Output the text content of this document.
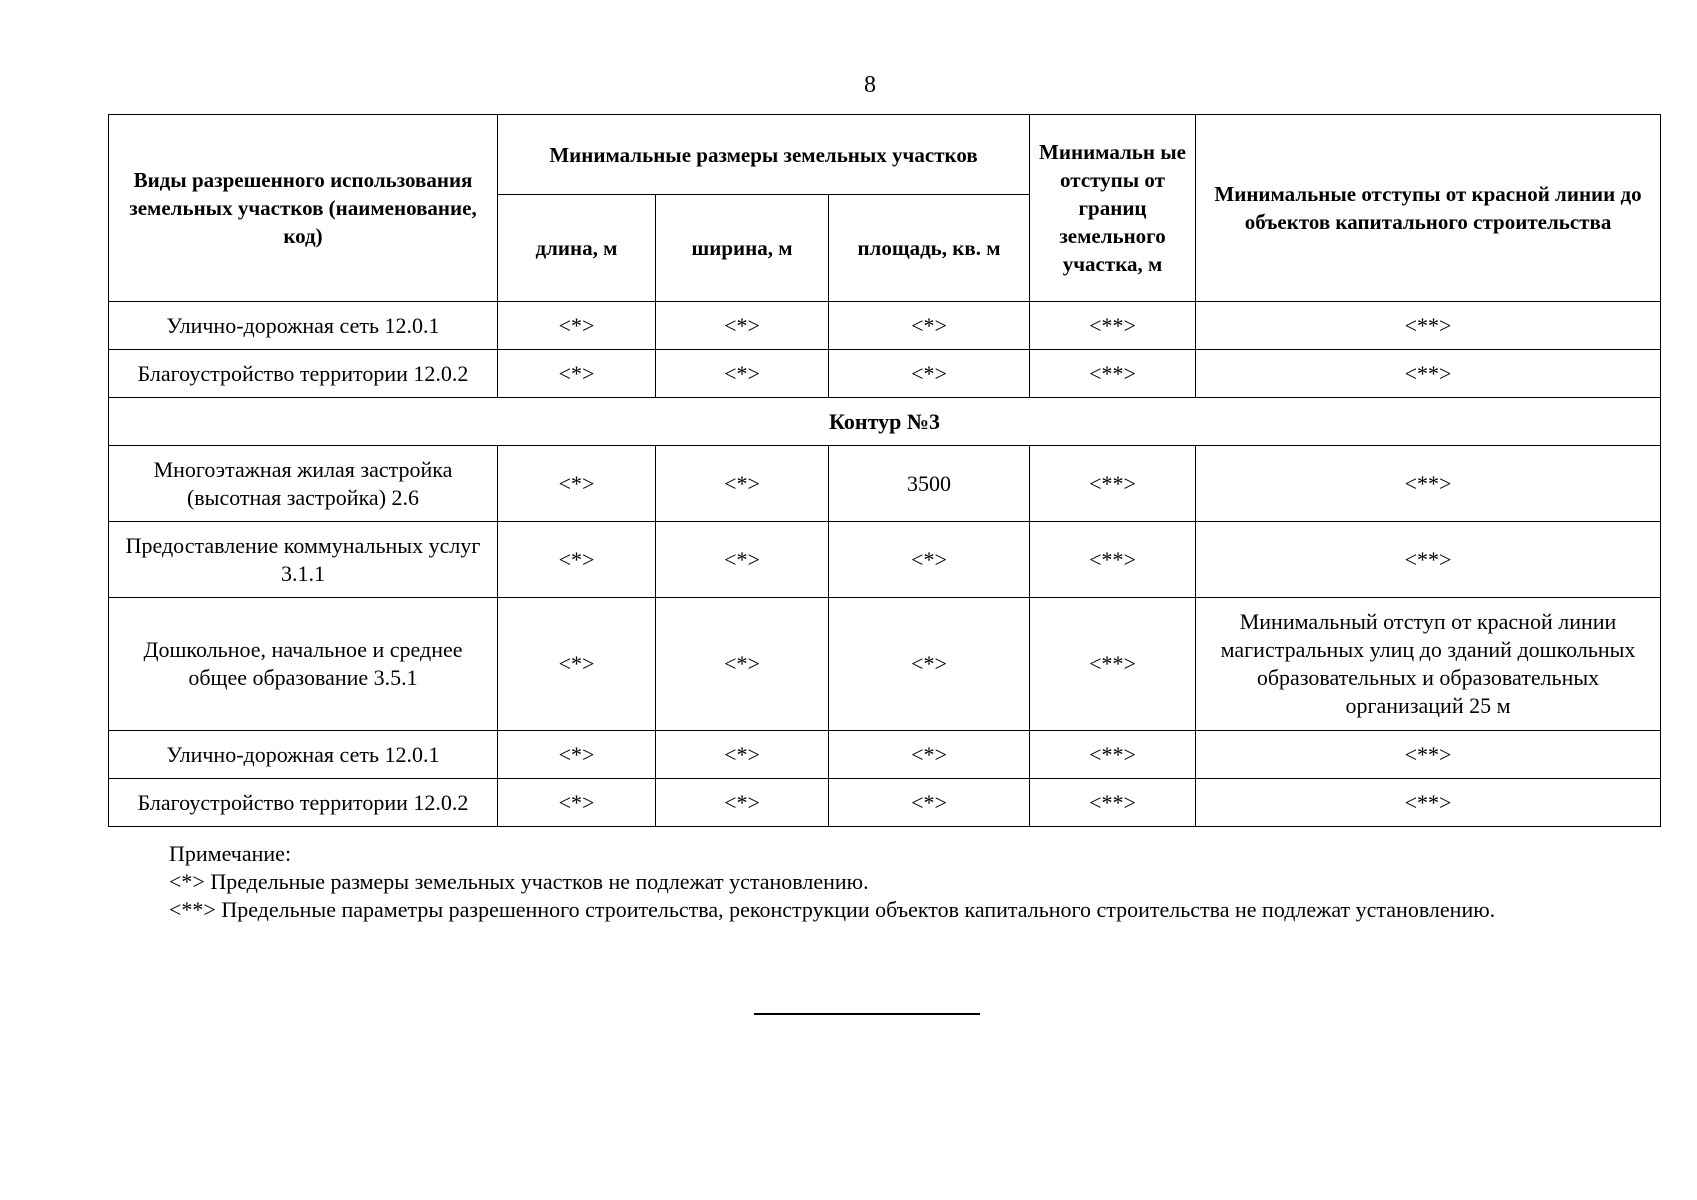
8
Виды разрешенного использования земельных участков (наименование, код)	Минимальные размеры земельных участков			Минимальн ые отступы от границ земельного участка, м	Минимальные отступы от красной линии до объектов капитального строительства
	длина, м	ширина, м	площадь, кв. м		
Улично-дорожная сеть 12.0.1	<*>	<*>	<*>	<**>	<**>
Благоустройство территории 12.0.2	<*>	<*>	<*>	<**>	<**>
Контур №3					
Многоэтажная жилая застройка (высотная застройка) 2.6	<*>	<*>	3500	<**>	<**>
Предоставление коммунальных услуг 3.1.1	<*>	<*>	<*>	<**>	<**>
Дошкольное, начальное и среднее общее образование 3.5.1	<*>	<*>	<*>	<**>	Минимальный отступ от красной линии магистральных улиц до зданий дошкольных образовательных и образовательных организаций 25 м
Улично-дорожная сеть 12.0.1	<*>	<*>	<*>	<**>	<**>
Благоустройство территории 12.0.2	<*>	<*>	<*>	<**>	<**>

Примечание:

<*> Предельные размеры земельных участков не подлежат установлению.

<**> Предельные параметры разрешенного строительства, реконструкции объектов капитального строительства не подлежат установлению.
